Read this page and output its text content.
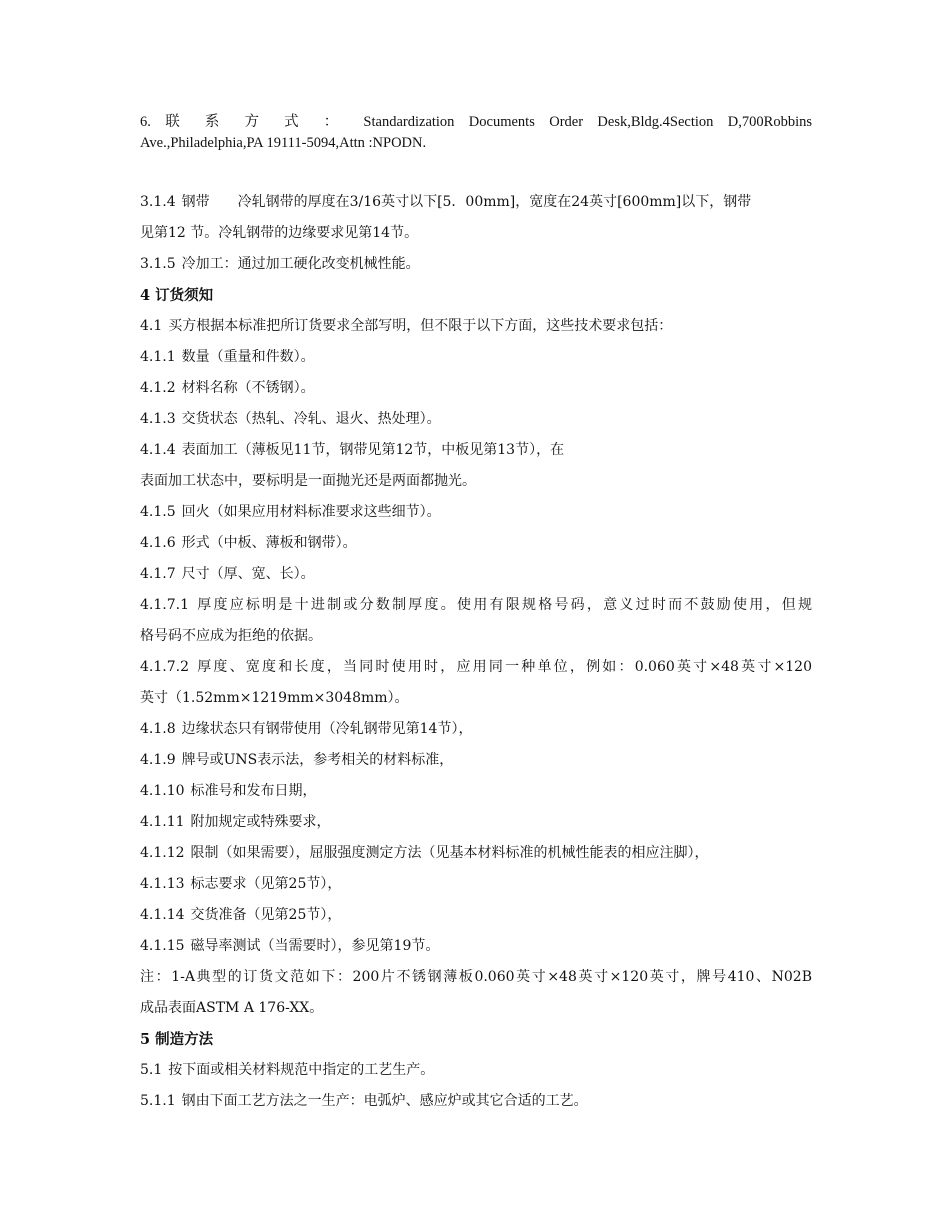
6. 联 系 方 式 ： Standardization Documents Order Desk,Bldg.4Section D,700Robbins
Ave.,Philadelphia,PA 19111-5094,Attn :NPODN.
3.1.4 钢带 冷轧钢带的厚度在3/16英寸以下[5．00mm]，宽度在24英寸[600mm]以下，钢带
见第12 节。冷轧钢带的边缘要求见第14节。
3.1.5 冷加工：通过加工硬化改变机械性能。
4 订货须知
4.1 买方根据本标准把所订货要求全部写明，但不限于以下方面，这些技术要求包括：
4.1.1 数量（重量和件数）。
4.1.2 材料名称（不锈钢）。
4.1.3 交货状态（热轧、冷轧、退火、热处理）。
4.1.4 表面加工（薄板见11节，钢带见第12节，中板见第13节），在
表面加工状态中，要标明是一面抛光还是两面都抛光。
4.1.5 回火（如果应用材料标准要求这些细节）。
4.1.6 形式（中板、薄板和钢带）。
4.1.7 尺寸（厚、宽、长）。
4.1.7.1 厚度应标明是十进制或分数制厚度。使用有限规格号码，意义过时而不鼓励使用，但规
格号码不应成为拒绝的依据。
4.1.7.2 厚度、宽度和长度，当同时使用时，应用同一种单位，例如：0.060英寸×48英寸×120
英寸（1.52mm×1219mm×3048mm）。
4.1.8 边缘状态只有钢带使用（冷轧钢带见第14节），
4.1.9 牌号或UNS表示法，参考相关的材料标准，
4.1.10 标准号和发布日期，
4.1.11 附加规定或特殊要求，
4.1.12 限制（如果需要），屈服强度测定方法（见基本材料标准的机械性能表的相应注脚），
4.1.13 标志要求（见第25节），
4.1.14 交货准备（见第25节），
4.1.15 磁导率测试（当需要时），参见第19节。
注：1-A典型的订货文范如下：200片不锈钢薄板0.060英寸×48英寸×120英寸，牌号410、N02B
成品表面ASTM A 176-XX。
5 制造方法
5.1 按下面或相关材料规范中指定的工艺生产。
5.1.1 钢由下面工艺方法之一生产：电弧炉、感应炉或其它合适的工艺。
